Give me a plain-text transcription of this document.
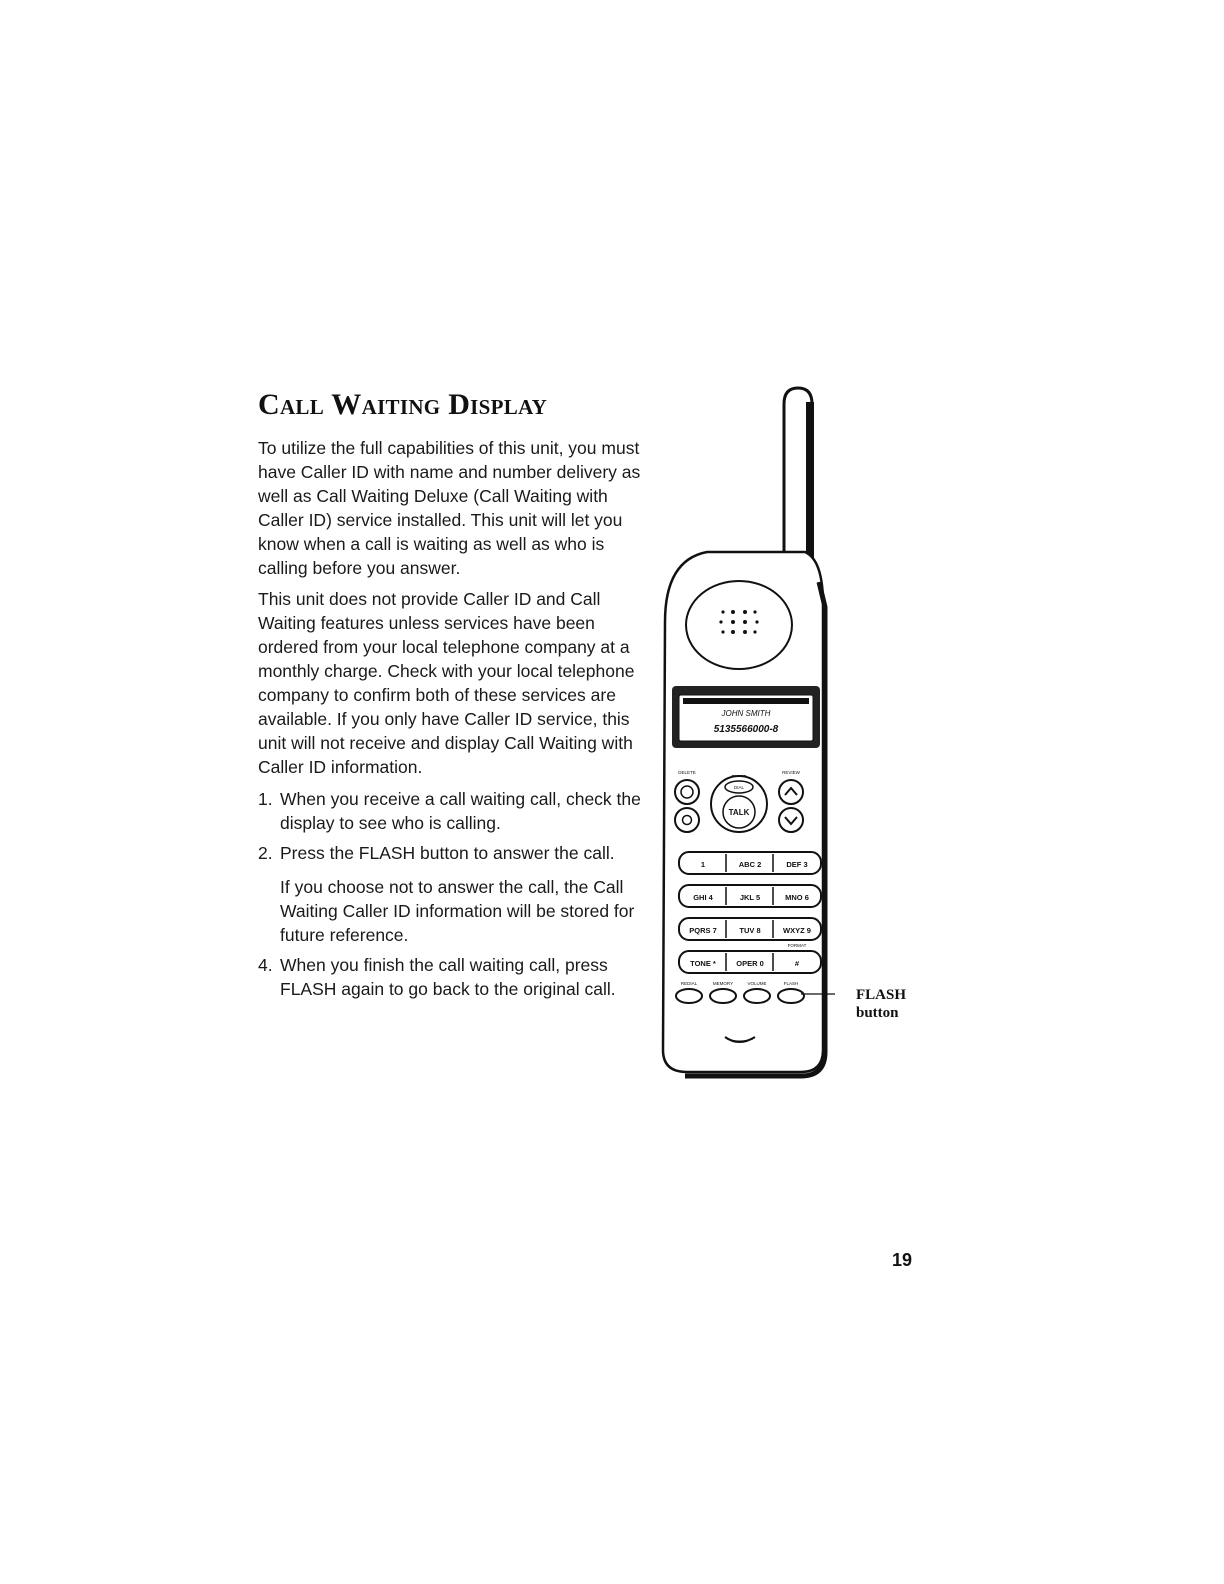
Call Waiting Display

To utilize the full capabilities of this unit, you must have Caller ID with name and number delivery as well as Call Waiting Deluxe (Call Waiting with Caller ID) service installed. This unit will let you know when a call is waiting as well as who is calling before you answer.

This unit does not provide Caller ID and Call Waiting features unless services have been ordered from your local telephone company at a monthly charge. Check with your local telephone company to confirm both of these services are available. If you only have Caller ID service, this unit will not receive and display Call Waiting with Caller ID information.

1. When you receive a call waiting call, check the display to see who is calling.
2. Press the FLASH button to answer the call.

If you choose not to answer the call, the Call Waiting Caller ID information will be stored for future reference.

4. When you finish the call waiting call, press FLASH again to go back to the original call.
JOHN SMITH
5135566000-8
DELETE	REVIEW
DIAL
TALK
1	ABC 2	DEF 3
GHI 4	JKL 5	MNO 6
PQRS 7	TUV 8	WXYZ 9
TONE *	OPER 0	#
FORMAT
REDIAL	MEMORY	VOLUME	FLASH
FLASH
button
19
